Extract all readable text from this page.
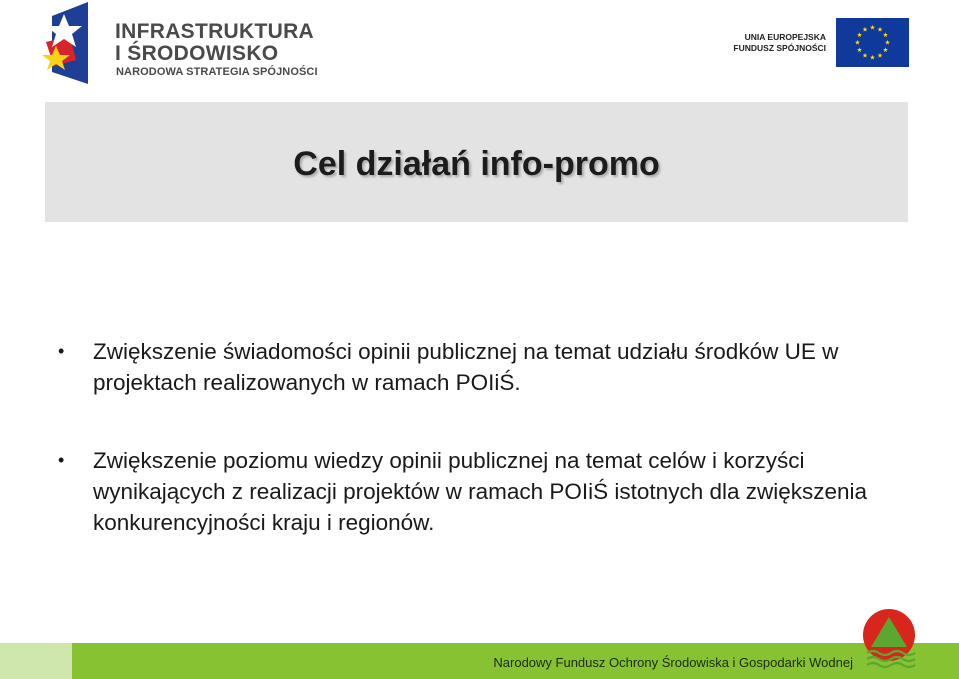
INFRASTRUKTURA
I ŚRODOWISKO
NARODOWA STRATEGIA SPÓJNOŚCI
UNIA EUROPEJSKA
FUNDUSZ SPÓJNOŚCI
Cel działań info-promo
• Zwiększenie świadomości opinii publicznej na temat udziału środków UE w projektach realizowanych w ramach POIiŚ.
• Zwiększenie poziomu wiedzy opinii publicznej na temat celów i korzyści wynikających z realizacji projektów w ramach POIiŚ istotnych dla zwiększenia konkurencyjności kraju i regionów.
Narodowy Fundusz Ochrony Środowiska i Gospodarki Wodnej
